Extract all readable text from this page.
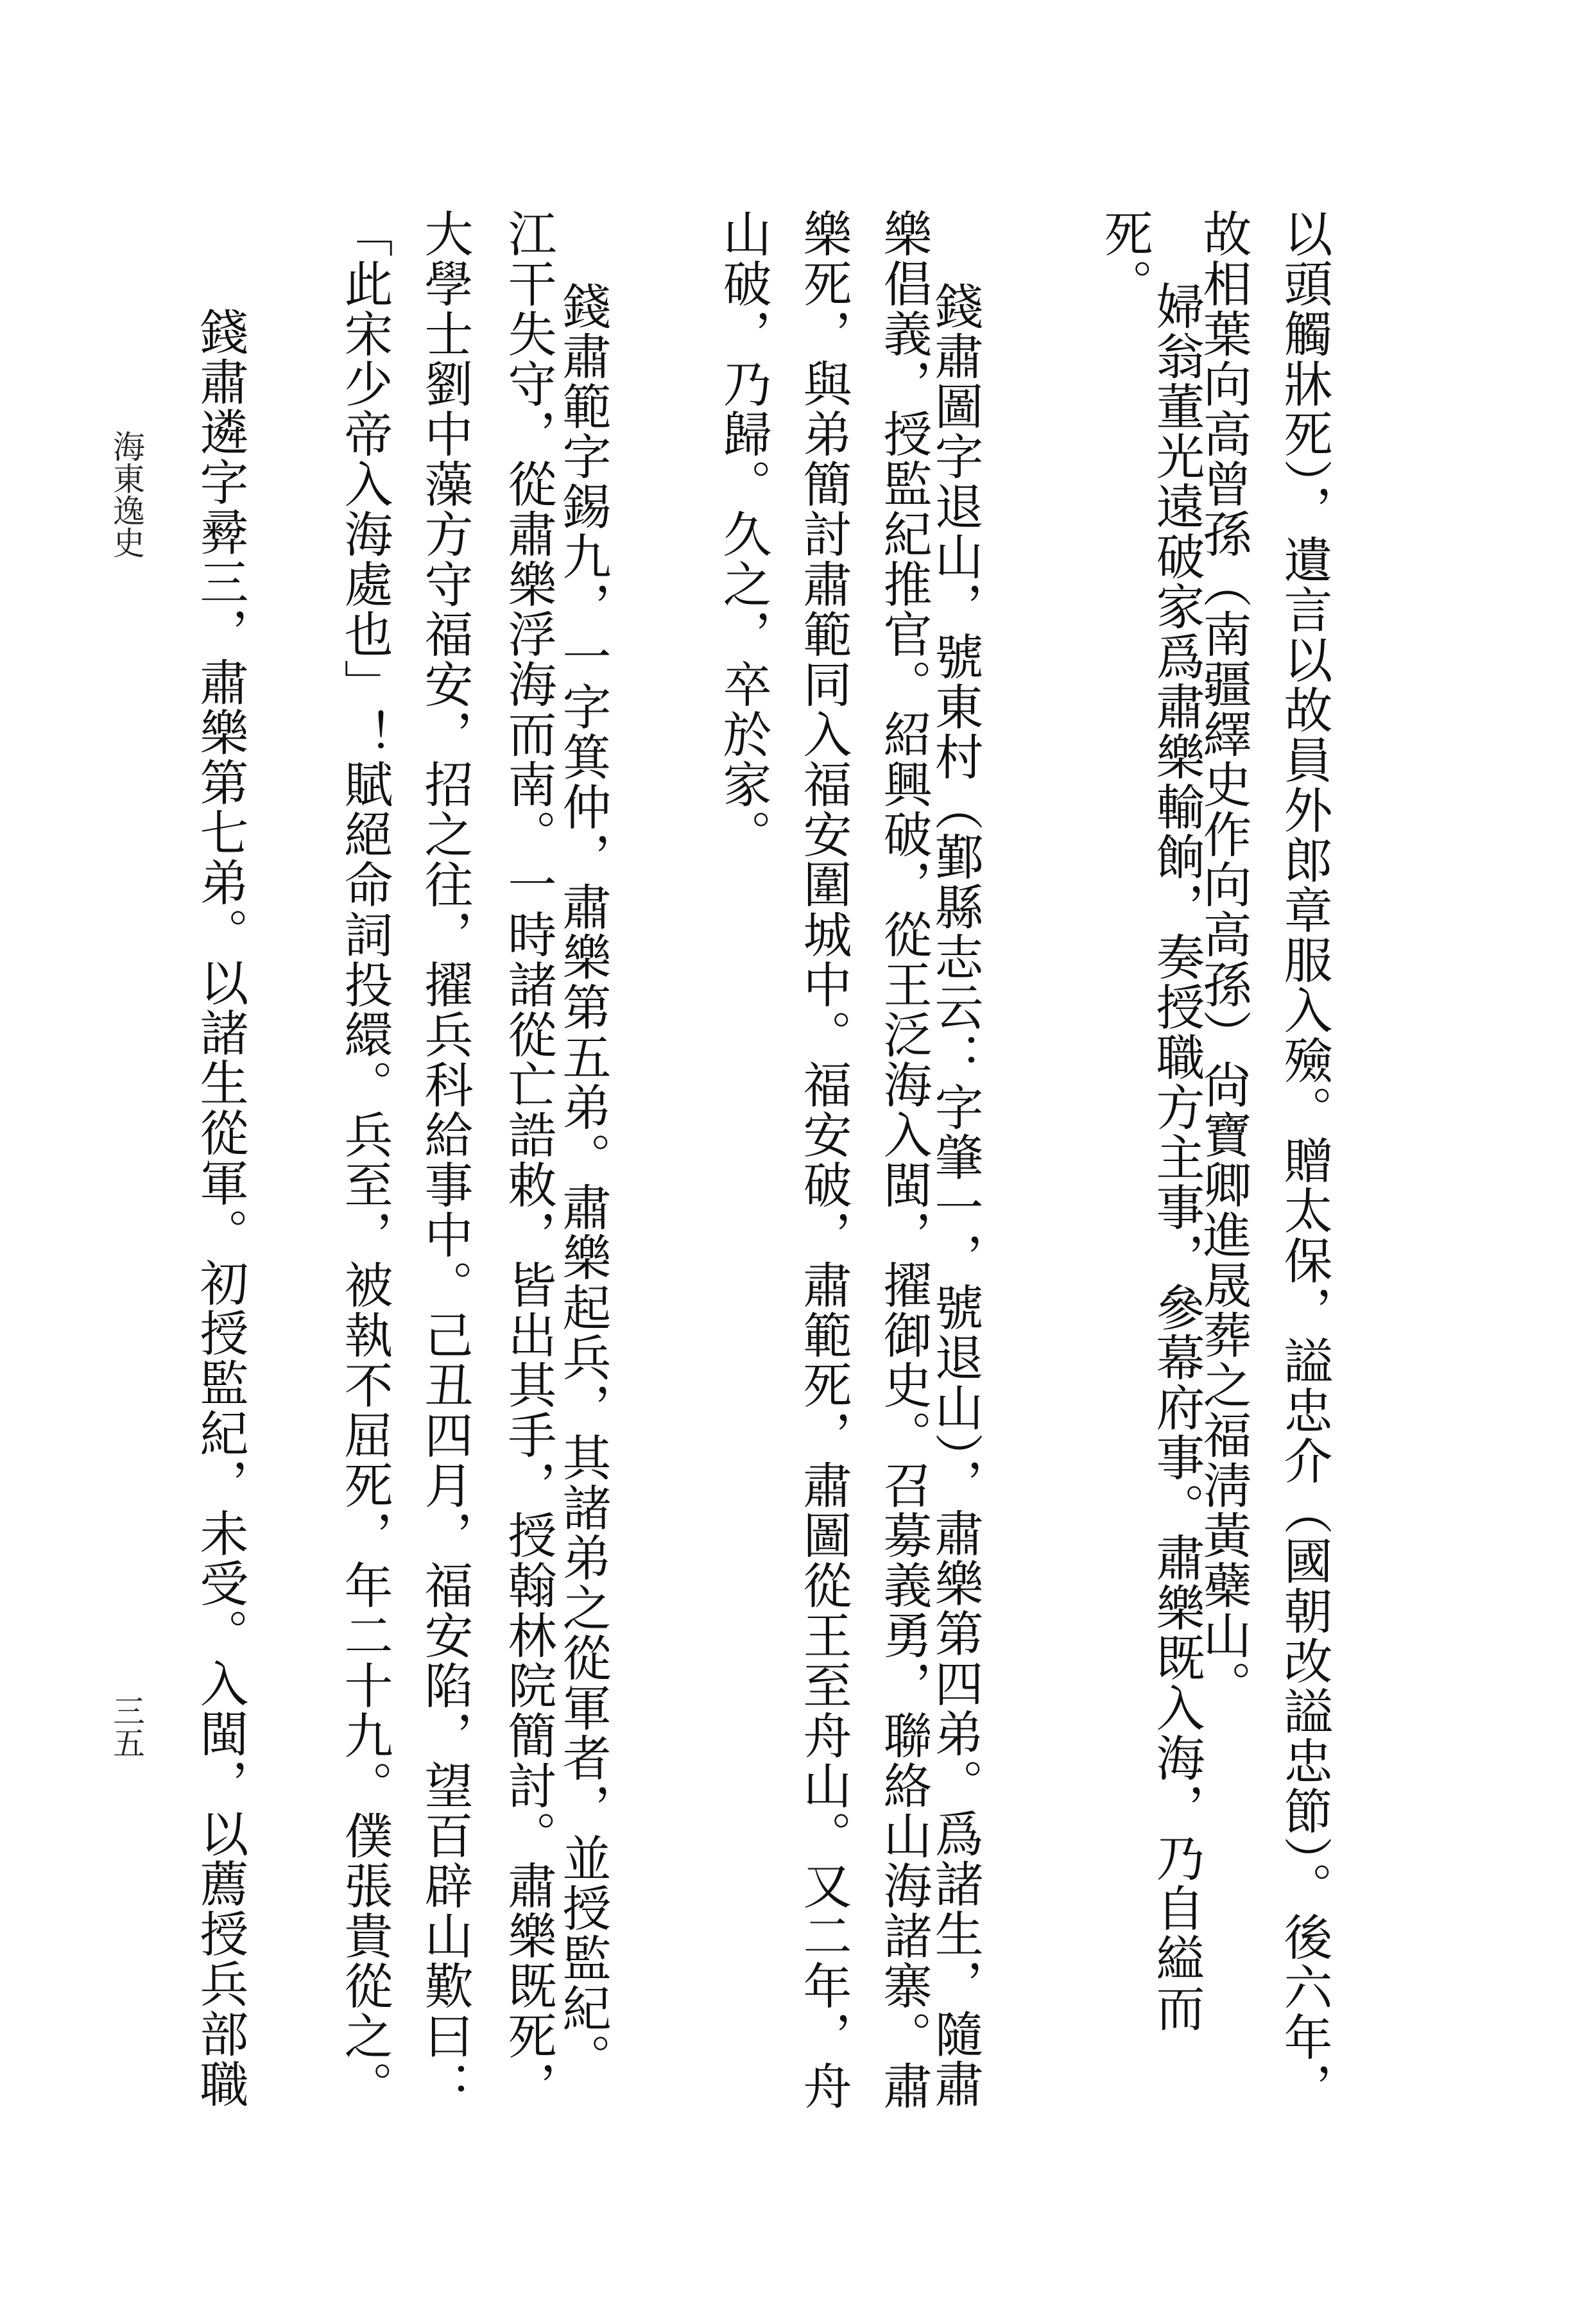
以頭觸牀死），遺言以故員外郎章服入殮。贈太保，謚忠介（國朝改謚忠節）。後六年，
故相葉向高曾孫（南疆繹史作向高孫）尙寶卿進晟葬之福淸黃蘗山。
婦翁董光遠破家爲肅樂輸餉，奏授職方主事，參幕府事。肅樂既入海，乃自縊而
死。
錢肅圖字退山，號東村（鄞縣志云：字肇一，號退山），肅樂第四弟。爲諸生，隨肅
樂倡義，授監紀推官。紹興破，從王泛海入閩，擢御史。召募義勇，聯絡山海諸寨。肅
樂死，與弟簡討肅範同入福安圍城中。福安破，肅範死，肅圖從王至舟山。又二年，舟
山破，乃歸。久之，卒於家。
錢肅範字錫九，一字箕仲，肅樂第五弟。肅樂起兵，其諸弟之從軍者，並授監紀。
江干失守，從肅樂浮海而南。一時諸從亡誥敕，皆出其手，授翰林院簡討。肅樂既死，
大學士劉中藻方守福安，招之往，擢兵科給事中。己丑四月，福安陷，望百辟山歎曰：
「此宋少帝入海處也」！賦絕命詞投繯。兵至，被執不屈死，年二十九。僕張貴從之。
錢肅遴字彛三，肅樂第七弟。以諸生從軍。初授監紀，未受。入閩，以薦授兵部職
海東逸史
三五
